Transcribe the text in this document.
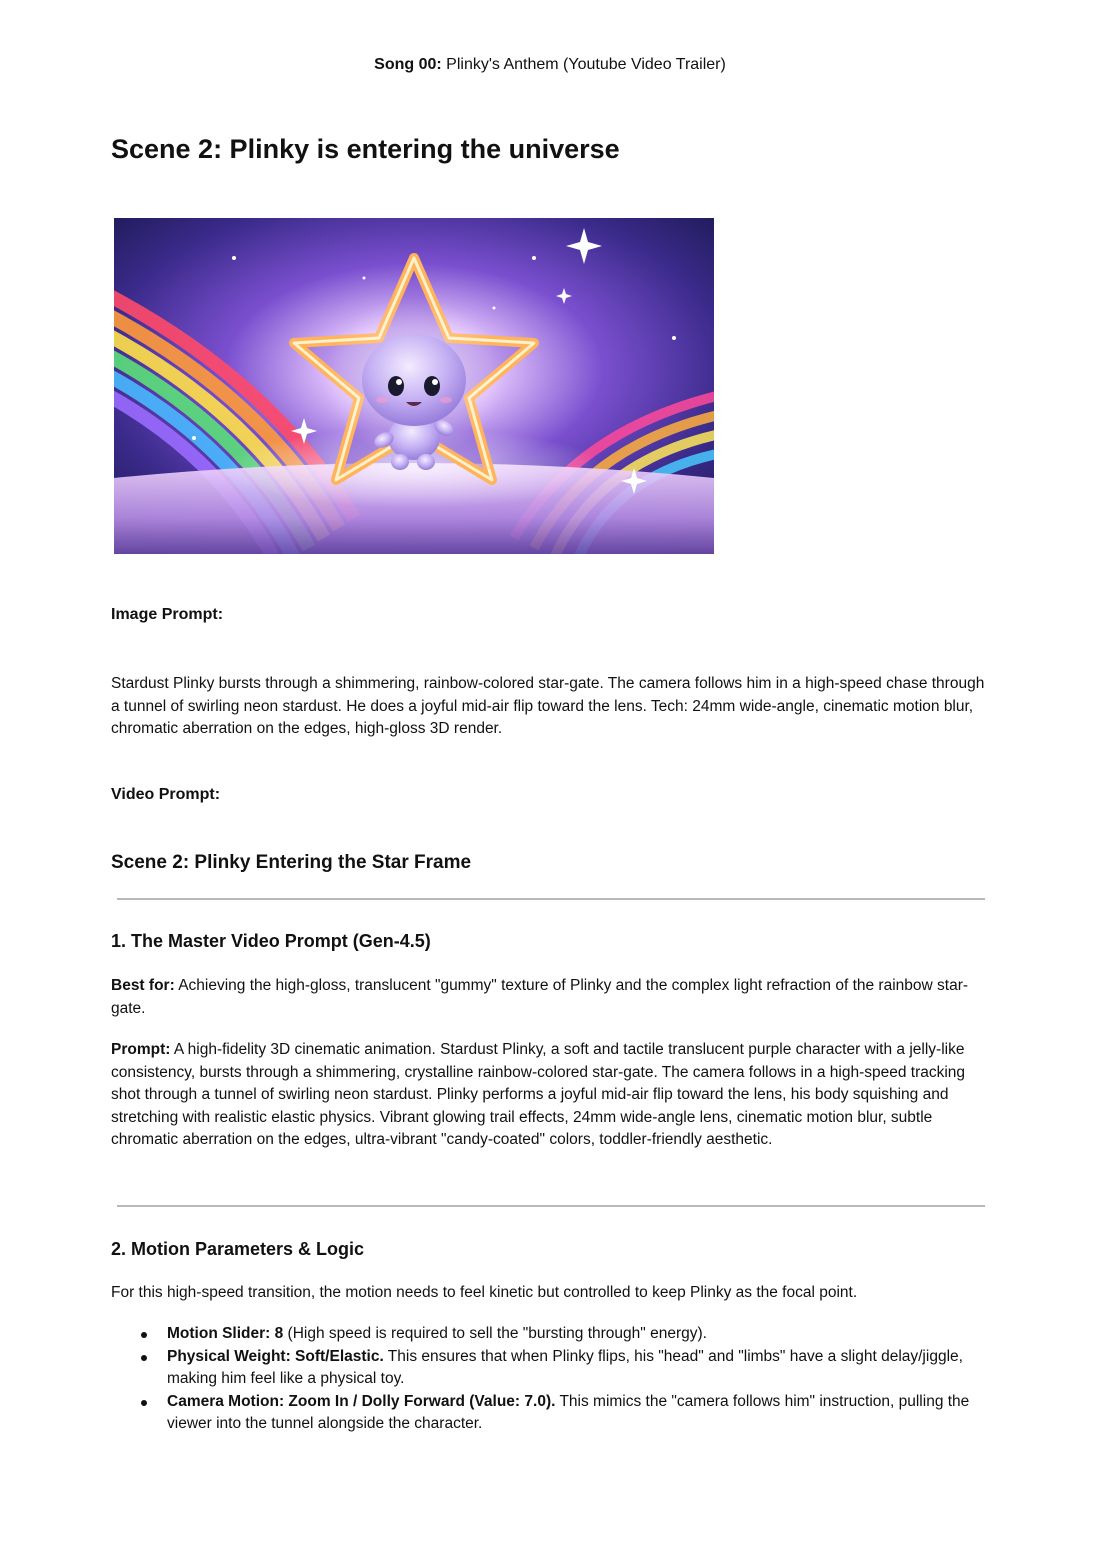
Song 00: Plinky's Anthem (Youtube Video Trailer)
Scene 2: Plinky is entering the universe

Image Prompt:

Stardust Plinky bursts through a shimmering, rainbow-colored star-gate. The camera follows him in a high-speed chase through a tunnel of swirling neon stardust. He does a joyful mid-air flip toward the lens. Tech: 24mm wide-angle, cinematic motion blur, chromatic aberration on the edges, high-gloss 3D render.

Video Prompt:

Scene 2: Plinky Entering the Star Frame
1. The Master Video Prompt (Gen-4.5)

Best for: Achieving the high-gloss, translucent "gummy" texture of Plinky and the complex light refraction of the rainbow star-gate.

Prompt: A high-fidelity 3D cinematic animation. Stardust Plinky, a soft and tactile translucent purple character with a jelly-like consistency, bursts through a shimmering, crystalline rainbow-colored star-gate. The camera follows in a high-speed tracking shot through a tunnel of swirling neon stardust. Plinky performs a joyful mid-air flip toward the lens, his body squishing and stretching with realistic elastic physics. Vibrant glowing trail effects, 24mm wide-angle lens, cinematic motion blur, subtle chromatic aberration on the edges, ultra-vibrant "candy-coated" colors, toddler-friendly aesthetic.

2. Motion Parameters & Logic

For this high-speed transition, the motion needs to feel kinetic but controlled to keep Plinky as the focal point.

Motion Slider: 8 (High speed is required to sell the "bursting through" energy).
Physical Weight: Soft/Elastic. This ensures that when Plinky flips, his "head" and "limbs" have a slight delay/jiggle, making him feel like a physical toy.
Camera Motion: Zoom In / Dolly Forward (Value: 7.0). This mimics the "camera follows him" instruction, pulling the viewer into the tunnel alongside the character.
